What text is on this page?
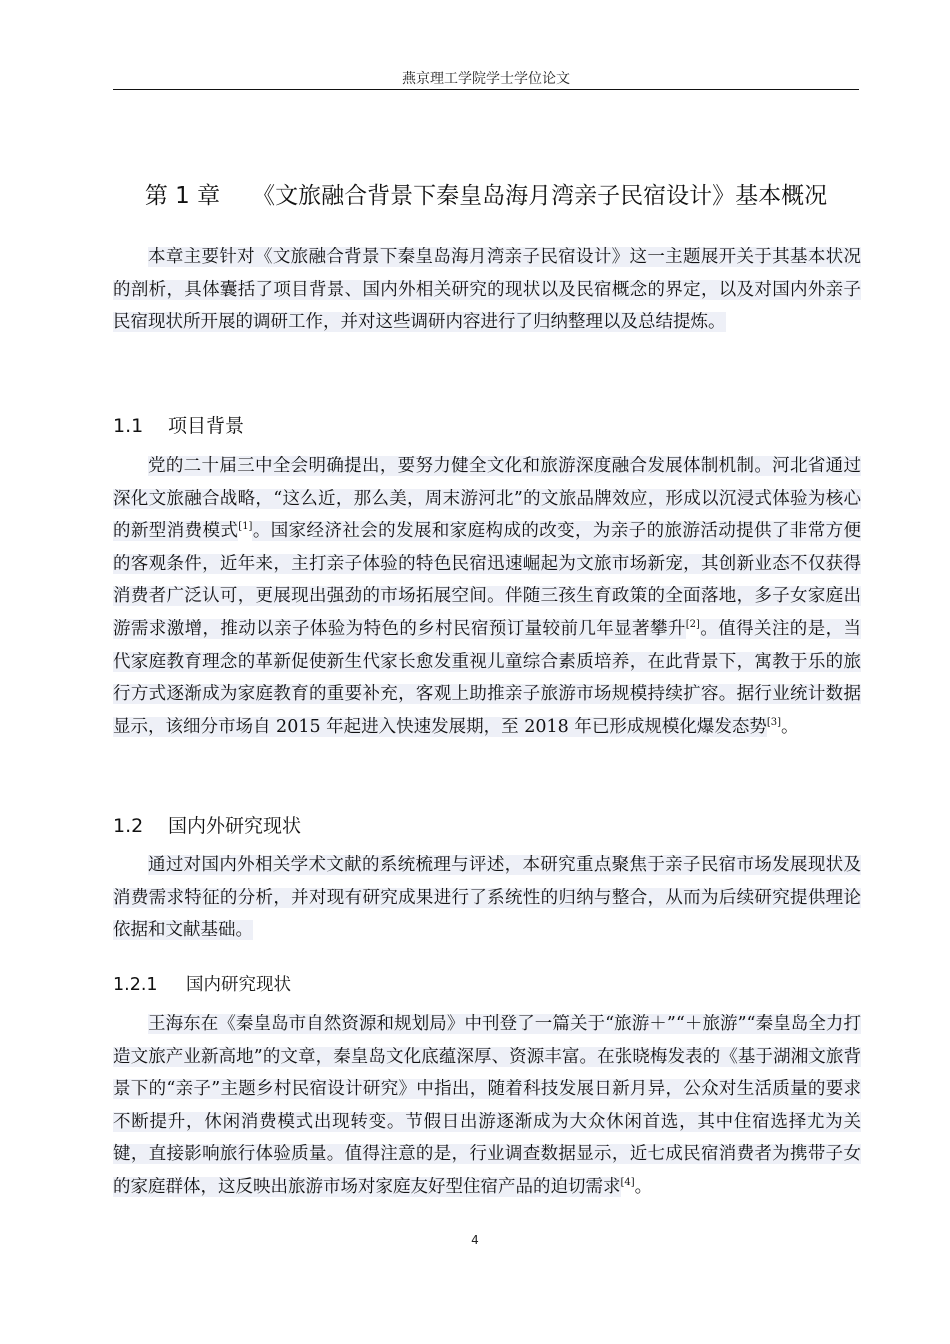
燕京理工学院学士学位论文
第 1 章 《文旅融合背景下秦皇岛海月湾亲子民宿设计》基本概况

本章主要针对《文旅融合背景下秦皇岛海月湾亲子民宿设计》这一主题展开关于其基本状况的剖析，具体囊括了项目背景、国内外相关研究的现状以及民宿概念的界定，以及对国内外亲子民宿现状所开展的调研工作，并对这些调研内容进行了归纳整理以及总结提炼。

1.1 项目背景

党的二十届三中全会明确提出，要努力健全文化和旅游深度融合发展体制机制。河北省通过深化文旅融合战略，“这么近，那么美，周末游河北”的文旅品牌效应，形成以沉浸式体验为核心的新型消费模式[1]。国家经济社会的发展和家庭构成的改变，为亲子的旅游活动提供了非常方便的客观条件，近年来，主打亲子体验的特色民宿迅速崛起为文旅市场新宠，其创新业态不仅获得消费者广泛认可，更展现出强劲的市场拓展空间。伴随三孩生育政策的全面落地，多子女家庭出游需求激增，推动以亲子体验为特色的乡村民宿预订量较前几年显著攀升[2]。值得关注的是，当代家庭教育理念的革新促使新生代家长愈发重视儿童综合素质培养，在此背景下，寓教于乐的旅行方式逐渐成为家庭教育的重要补充，客观上助推亲子旅游市场规模持续扩容。据行业统计数据显示，该细分市场自 2015 年起进入快速发展期，至 2018 年已形成规模化爆发态势[3]。

1.2 国内外研究现状

通过对国内外相关学术文献的系统梳理与评述，本研究重点聚焦于亲子民宿市场发展现状及消费需求特征的分析，并对现有研究成果进行了系统性的归纳与整合，从而为后续研究提供理论依据和文献基础。

1.2.1 国内研究现状

王海东在《秦皇岛市自然资源和规划局》中刊登了一篇关于“旅游＋”“＋旅游”“秦皇岛全力打造文旅产业新高地”的文章，秦皇岛文化底蕴深厚、资源丰富。在张晓梅发表的《基于湖湘文旅背景下的“亲子”主题乡村民宿设计研究》中指出，随着科技发展日新月异，公众对生活质量的要求不断提升，休闲消费模式出现转变。节假日出游逐渐成为大众休闲首选，其中住宿选择尤为关键，直接影响旅行体验质量。值得注意的是，行业调查数据显示，近七成民宿消费者为携带子女的家庭群体，这反映出旅游市场对家庭友好型住宿产品的迫切需求[4]。

4
